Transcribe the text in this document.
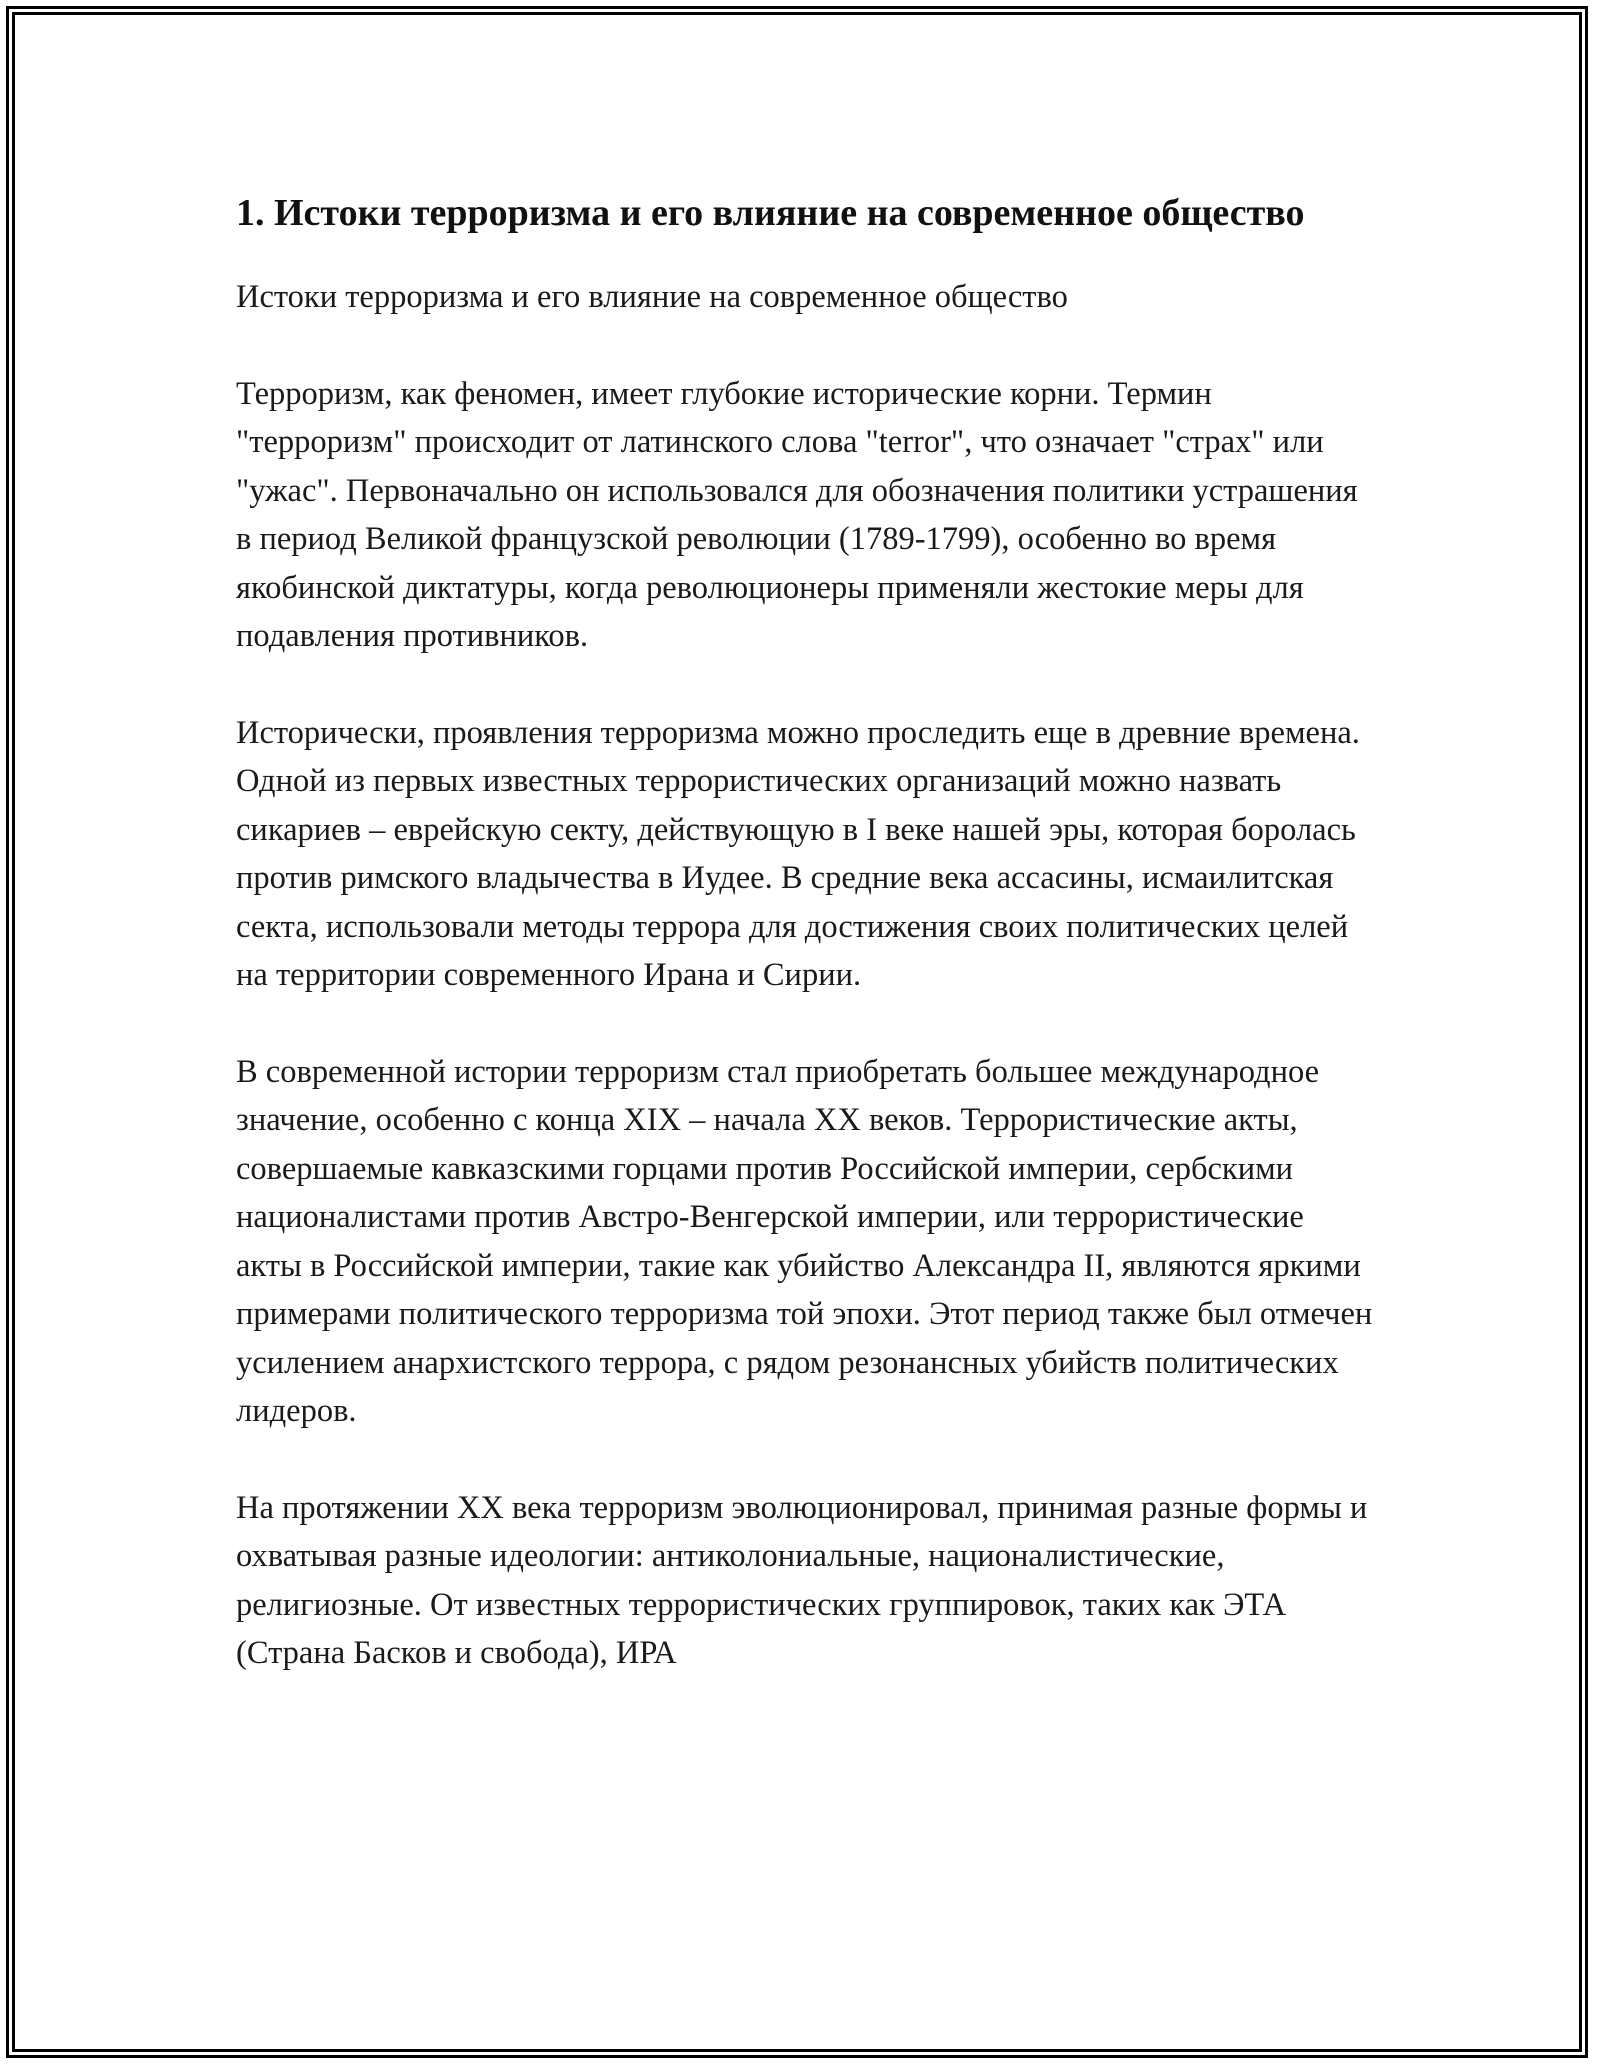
1. Истоки терроризма и его влияние на современное общество

Истоки терроризма и его влияние на современное общество

Терроризм, как феномен, имеет глубокие исторические корни. Термин "терроризм" происходит от латинского слова "terror", что означает "страх" или "ужас". Первоначально он использовался для обозначения политики устрашения в период Великой французской революции (1789-1799), особенно во время якобинской диктатуры, когда революционеры применяли жестокие меры для подавления противников.

Исторически, проявления терроризма можно проследить еще в древние времена. Одной из первых известных террористических организаций можно назвать сикариев – еврейскую секту, действующую в I веке нашей эры, которая боролась против римского владычества в Иудее. В средние века ассасины, исмаилитская секта, использовали методы террора для достижения своих политических целей на территории современного Ирана и Сирии.

В современной истории терроризм стал приобретать большее международное значение, особенно с конца XIX – начала XX веков. Террористические акты, совершаемые кавказскими горцами против Российской империи, сербскими националистами против Австро-Венгерской империи, или террористические акты в Российской империи, такие как убийство Александра II, являются яркими примерами политического терроризма той эпохи. Этот период также был отмечен усилением анархистского террора, с рядом резонансных убийств политических лидеров.

На протяжении XX века терроризм эволюционировал, принимая разные формы и охватывая разные идеологии: антиколониальные, националистические, религиозные. От известных террористических группировок, таких как ЭТА (Страна Басков и свобода), ИРА
